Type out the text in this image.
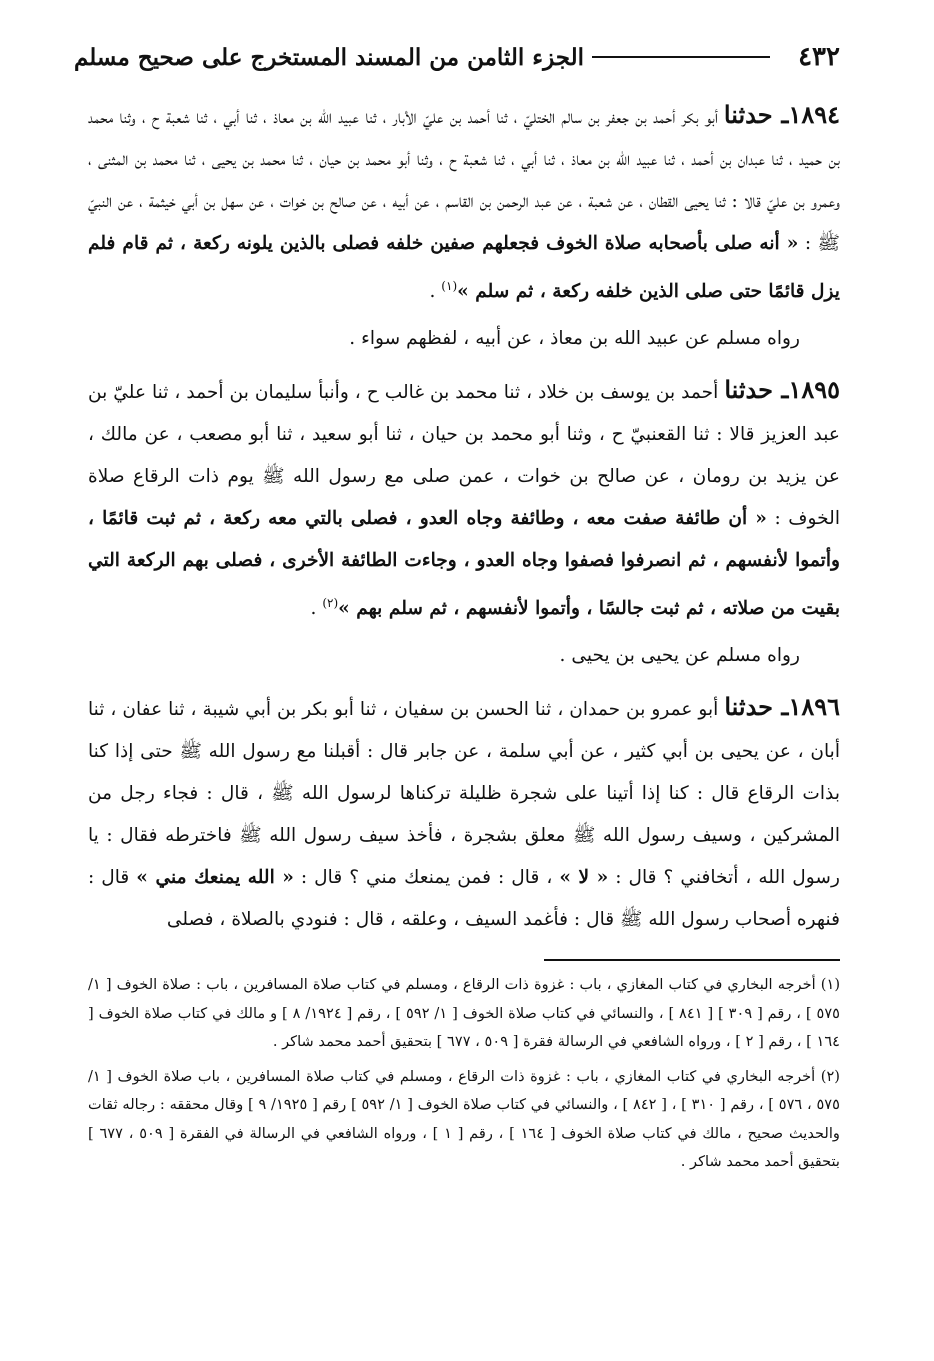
٤٣٢
الجزء الثامن من المسند المستخرج على صحيح مسلم

١٨٩٤ـ حدثناأبو بكر أحمد بن جعفر بن سالم الختليّ ، ثنا أحمد بن عليّ الأبار ، ثنا عبيد الله بن معاذ ، ثنا أبي ، ثنا شعبة ح ، وثنا محمد بن حميد ، ثنا عبدان بن أحمد ، ثنا عبيد الله بن معاذ ، ثنا أبي ، ثنا شعبة ح ، وثنا أبو محمد بن حيان ، ثنا محمد بن يحيى ، ثنا محمد بن المثنى ، وعمرو بن عليّ قالا : ثنا يحيى القطان ، عن شعبة ، عن عبد الرحمن بن القاسم ، عن أبيه ، عن صالح بن خوات ، عن سهل بن أبي خيثمة ، عن النبيّ ﷺ : « أنه صلى بأصحابه صلاة الخوف فجعلهم صفين خلفه فصلى بالذين يلونه ركعة ، ثم قام فلم يزل قائمًا حتى صلى الذين خلفه ركعة ، ثم سلم »$^{(١)}$ .

رواه مسلم عن عبيد الله بن معاذ ، عن أبيه ، لفظهم سواء .

١٨٩٥ـ حدثناأحمد بن يوسف بن خلاد ، ثنا محمد بن غالب ح ، وأنبأ سليمان بن أحمد ، ثنا عليّ بن عبد العزيز قالا : ثنا القعنبيّ ح ، وثنا أبو محمد بن حيان ، ثنا أبو سعيد ، ثنا أبو مصعب ، عن مالك ، عن يزيد بن رومان ، عن صالح بن خوات ، عمن صلى مع رسول الله ﷺ يوم ذات الرقاع صلاة الخوف : « أن طائفة صفت معه ، وطائفة وجاه العدو ، فصلى بالتي معه ركعة ، ثم ثبت قائمًا ، وأتموا لأنفسهم ، ثم انصرفوا فصفوا وجاه العدو ، وجاءت الطائفة الأخرى ، فصلى بهم الركعة التي بقيت من صلاته ، ثم ثبت جالسًا ، وأتموا لأنفسهم ، ثم سلم بهم »$^{(٢)}$ .

رواه مسلم عن يحيى بن يحيى .

١٨٩٦ـ حدثناأبو عمرو بن حمدان ، ثنا الحسن بن سفيان ، ثنا أبو بكر بن أبي شيبة ، ثنا عفان ، ثنا أبان ، عن يحيى بن أبي كثير ، عن أبي سلمة ، عن جابر قال : أقبلنا مع رسول الله ﷺ حتى إذا كنا بذات الرقاع قال : كنا إذا أتينا على شجرة ظليلة تركناها لرسول الله ﷺ ، قال : فجاء رجل من المشركين ، وسيف رسول الله ﷺ معلق بشجرة ، فأخذ سيف رسول الله ﷺ فاخترطه فقال : يا رسول الله ، أتخافني ؟ قال : « لا » ، قال : فمن يمنعك مني ؟ قال : « الله يمنعك مني » قال : فنهره أصحاب رسول الله ﷺ قال : فأغمد السيف ، وعلقه ، قال : فنودي بالصلاة ، فصلى

(١) أخرجه البخاري في كتاب المغازي ، باب : غزوة ذات الرقاع ، ومسلم في كتاب صلاة المسافرين ، باب : صلاة الخوف [ ١/ ٥٧٥ ] ، رقم [ ٣٠٩ ] [ ٨٤١ ] ، والنسائي في كتاب صلاة الخوف [ ١/ ٥٩٢ ] ، رقم [ ١٩٢٤/ ٨ ] و مالك في كتاب صلاة الخوف [ ١٦٤ ] ، رقم [ ٢ ] ، ورواه الشافعي في الرسالة فقرة [ ٥٠٩ ، ٦٧٧ ] بتحقيق أحمد محمد شاكر .

(٢) أخرجه البخاري في كتاب المغازي ، باب : غزوة ذات الرقاع ، ومسلم في كتاب صلاة المسافرين ، باب صلاة الخوف [ ١/ ٥٧٥ ، ٥٧٦ ] ، رقم [ ٣١٠ ] ، [ ٨٤٢ ] ، والنسائي في كتاب صلاة الخوف [ ١/ ٥٩٢ ] رقم [ ١٩٢٥/ ٩ ] وقال محققه : رجاله ثقات والحديث صحيح ، مالك في كتاب صلاة الخوف [ ١٦٤ ] ، رقم [ ١ ] ، ورواه الشافعي في الرسالة في الفقرة [ ٥٠٩ ، ٦٧٧ ] بتحقيق أحمد محمد شاكر .
